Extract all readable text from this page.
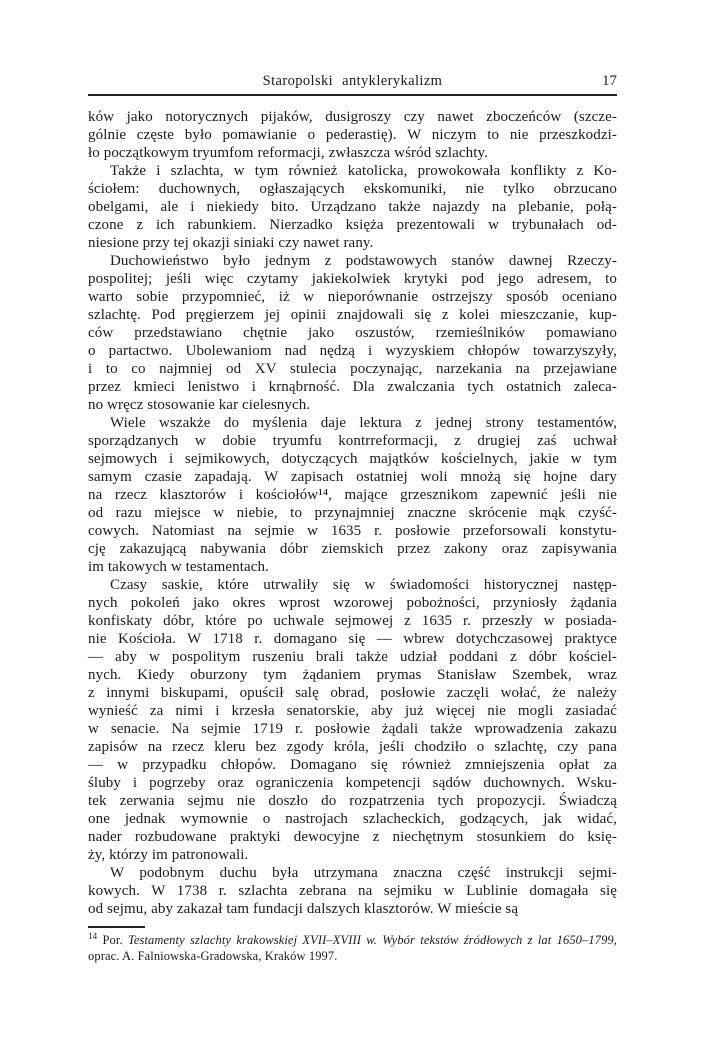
Staropolski antyklerykalizm	17
ków jako notorycznych pijaków, dusigroszy czy nawet zboczeńców (szcze-
gólnie częste było pomawianie o pederastię). W niczym to nie przeszkodzi-
ło początkowym tryumfom reformacji, zwłaszcza wśród szlachty.
Także i szlachta, w tym również katolicka, prowokowała konflikty z Ko-
ściołem: duchownych, ogłaszających ekskomuniki, nie tylko obrzucano
obelgami, ale i niekiedy bito. Urządzano także najazdy na plebanie, połą-
czone z ich rabunkiem. Nierzadko księża prezentowali w trybunałach od-
niesione przy tej okazji siniaki czy nawet rany.
Duchowieństwo było jednym z podstawowych stanów dawnej Rzeczy-
pospolitej; jeśli więc czytamy jakiekolwiek krytyki pod jego adresem, to
warto sobie przypomnieć, iż w nieporównanie ostrzejszy sposób oceniano
szlachtę. Pod pręgierzem jej opinii znajdowali się z kolei mieszczanie, kup-
ców przedstawiano chętnie jako oszustów, rzemieślników pomawiano
o partactwo. Ubolewaniom nad nędzą i wyzyskiem chłopów towarzyszyły,
i to co najmniej od XV stulecia poczynając, narzekania na przejawiane
przez kmieci lenistwo i krnąbrność. Dla zwalczania tych ostatnich zaleca-
no wręcz stosowanie kar cielesnych.
Wiele wszakże do myślenia daje lektura z jednej strony testamentów,
sporządzanych w dobie tryumfu kontrreformacji, z drugiej zaś uchwał
sejmowych i sejmikowych, dotyczących majątków kościelnych, jakie w tym
samym czasie zapadają. W zapisach ostatniej woli mnożą się hojne dary
na rzecz klasztorów i kościołów¹⁴, mające grzesznikom zapewnić jeśli nie
od razu miejsce w niebie, to przynajmniej znaczne skrócenie mąk czyść-
cowych. Natomiast na sejmie w 1635 r. posłowie przeforsowali konstytu-
cję zakazującą nabywania dóbr ziemskich przez zakony oraz zapisywania
im takowych w testamentach.
Czasy saskie, które utrwaliły się w świadomości historycznej następ-
nych pokoleń jako okres wprost wzorowej pobożności, przyniosły żądania
konfiskaty dóbr, które po uchwale sejmowej z 1635 r. przeszły w posiada-
nie Kościoła. W 1718 r. domagano się — wbrew dotychczasowej praktyce
— aby w pospolitym ruszeniu brali także udział poddani z dóbr kościel-
nych. Kiedy oburzony tym żądaniem prymas Stanisław Szembek, wraz
z innymi biskupami, opuścił salę obrad, posłowie zaczęli wołać, że należy
wynieść za nimi i krzesła senatorskie, aby już więcej nie mogli zasiadać
w senacie. Na sejmie 1719 r. posłowie żądali także wprowadzenia zakazu
zapisów na rzecz kleru bez zgody króla, jeśli chodziło o szlachtę, czy pana
— w przypadku chłopów. Domagano się również zmniejszenia opłat za
śluby i pogrzeby oraz ograniczenia kompetencji sądów duchownych. Wsku-
tek zerwania sejmu nie doszło do rozpatrzenia tych propozycji. Świadczą
one jednak wymownie o nastrojach szlacheckich, godzących, jak widać,
nader rozbudowane praktyki dewocyjne z niechętnym stosunkiem do księ-
ży, którzy im patronowali.
W podobnym duchu była utrzymana znaczna część instrukcji sejmi-
kowych. W 1738 r. szlachta zebrana na sejmiku w Lublinie domagała się
od sejmu, aby zakazał tam fundacji dalszych klasztorów. W mieście są
$^{14}$ Por. Testamenty szlachty krakowskiej XVII–XVIII w. Wybór tekstów źródłowych z lat 1650–1799, oprac. A. Falniowska-Gradowska, Kraków 1997.
